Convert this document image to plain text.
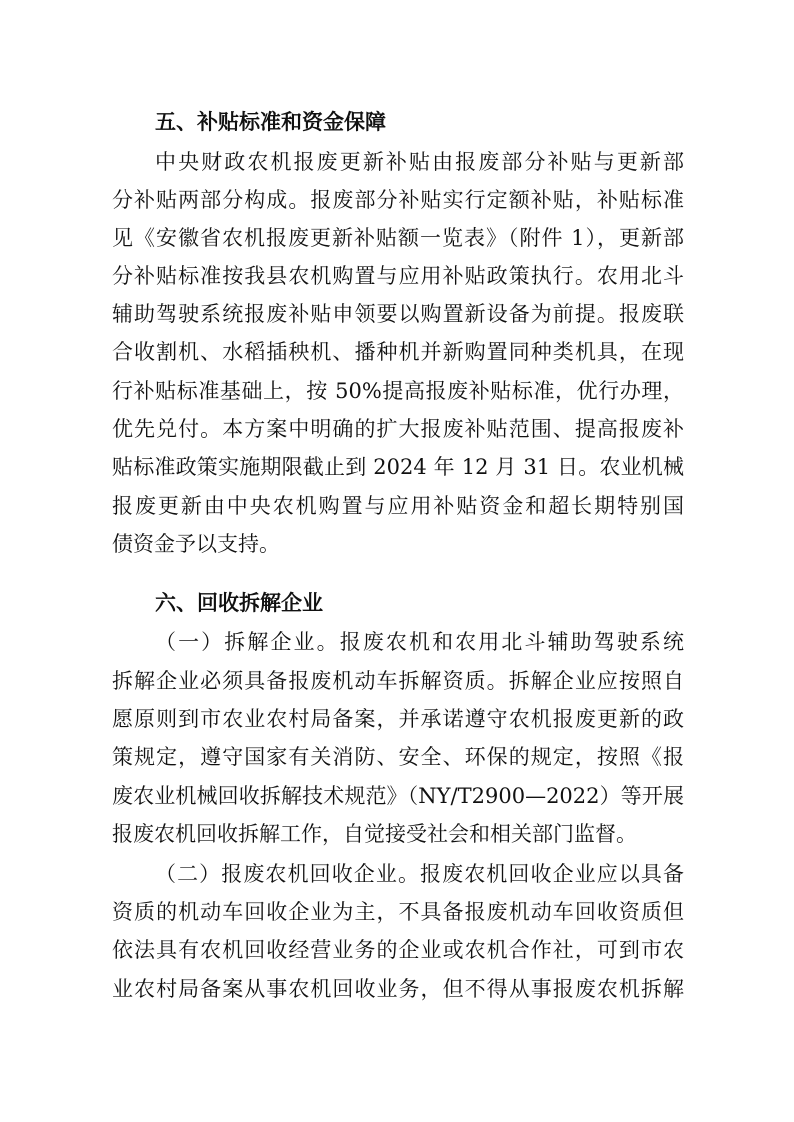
五、补贴标准和资金保障
中央财政农机报废更新补贴由报废部分补贴与更新部
分补贴两部分构成。报废部分补贴实行定额补贴，补贴标准
见《安徽省农机报废更新补贴额一览表》（附件 1），更新部
分补贴标准按我县农机购置与应用补贴政策执行。农用北斗
辅助驾驶系统报废补贴申领要以购置新设备为前提。报废联
合收割机、水稻插秧机、播种机并新购置同种类机具，在现
行补贴标准基础上，按 50%提高报废补贴标准，优行办理，
优先兑付。本方案中明确的扩大报废补贴范围、提高报废补
贴标准政策实施期限截止到 2024 年 12 月 31 日。农业机械
报废更新由中央农机购置与应用补贴资金和超长期特别国
债资金予以支持。
六、回收拆解企业
（一）拆解企业。报废农机和农用北斗辅助驾驶系统
拆解企业必须具备报废机动车拆解资质。拆解企业应按照自
愿原则到市农业农村局备案，并承诺遵守农机报废更新的政
策规定，遵守国家有关消防、安全、环保的规定，按照《报
废农业机械回收拆解技术规范》（NY/T2900—2022）等开展
报废农机回收拆解工作，自觉接受社会和相关部门监督。
（二）报废农机回收企业。报废农机回收企业应以具备
资质的机动车回收企业为主，不具备报废机动车回收资质但
依法具有农机回收经营业务的企业或农机合作社，可到市农
业农村局备案从事农机回收业务，但不得从事报废农机拆解
